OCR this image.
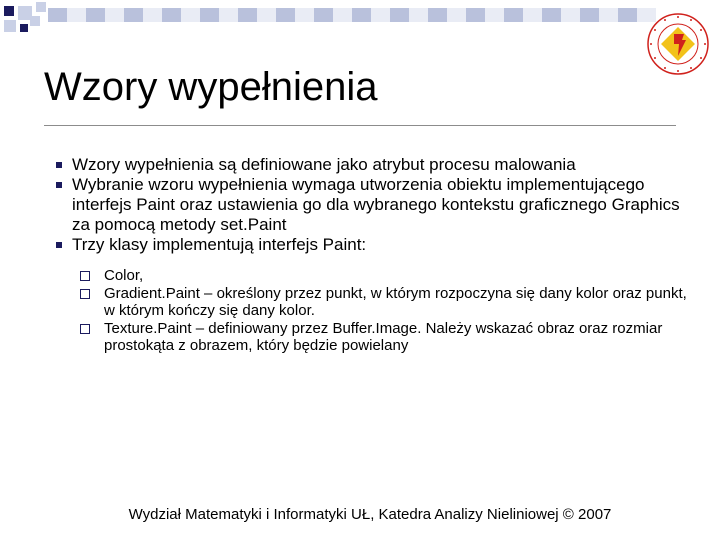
Wzory wypełnienia
Wzory wypełnienia są definiowane jako atrybut procesu malowania
Wybranie wzoru wypełnienia wymaga utworzenia obiektu implementującego interfejs Paint oraz ustawienia go dla wybranego kontekstu graficznego Graphics za pomocą metody set.Paint
Trzy klasy implementują interfejs Paint:
Color,
Gradient.Paint – określony przez punkt, w którym rozpoczyna się dany kolor oraz punkt, w którym kończy się dany kolor.
Texture.Paint – definiowany przez Buffer.Image. Należy wskazać obraz oraz rozmiar prostokąta z obrazem, który będzie powielany
Wydział Matematyki i Informatyki UŁ, Katedra Analizy Nieliniowej © 2007
